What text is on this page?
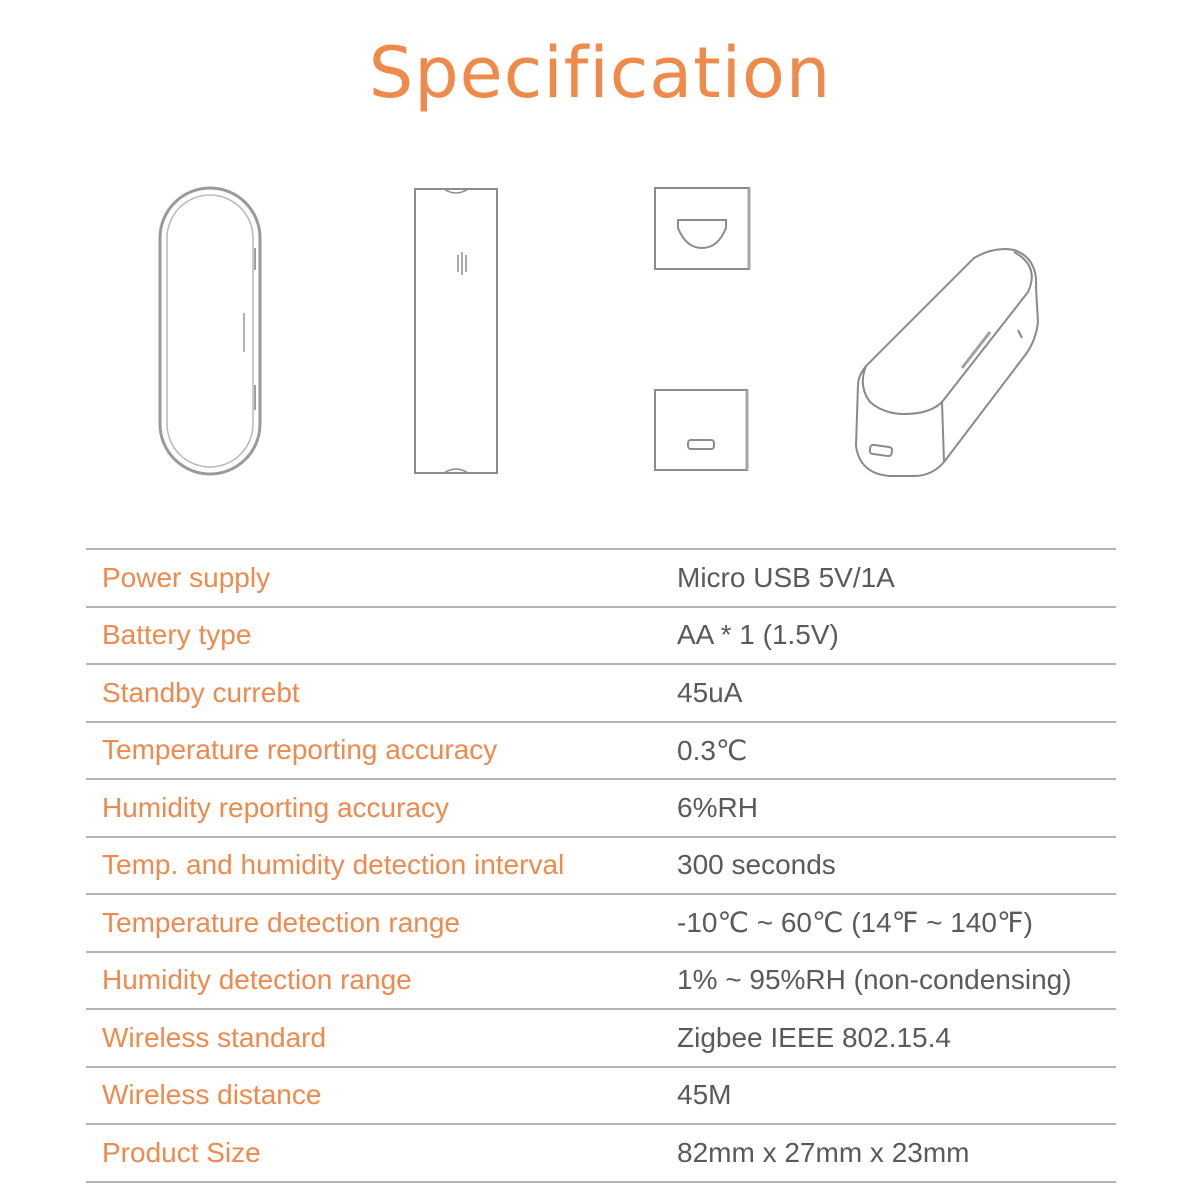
Specification
Power supply	Micro USB 5V/1A
Battery type	AA * 1 (1.5V)
Standby currebt	45uA
Temperature reporting accuracy	0.3℃
Humidity reporting accuracy	6%RH
Temp. and humidity detection interval	300 seconds
Temperature detection range	-10℃ ~ 60℃ (14℉ ~ 140℉)
Humidity detection range	1% ~ 95%RH (non-condensing)
Wireless standard	Zigbee IEEE 802.15.4
Wireless distance	45M
Product Size	82mm x 27mm x 23mm
